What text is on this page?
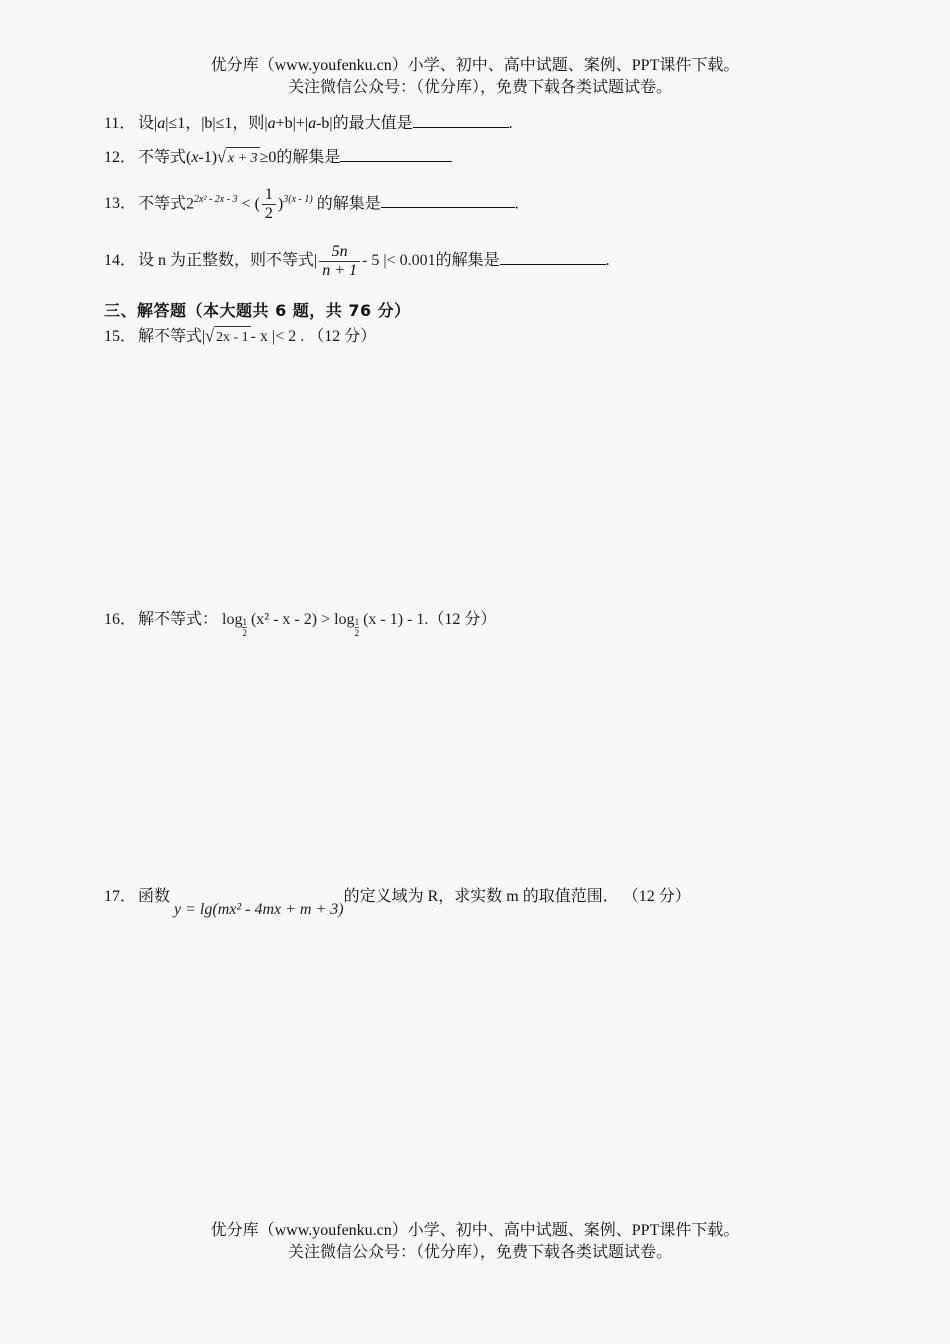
优分库（www.youfenku.cn）小学、初中、高中试题、案例、PPT课件下载。
关注微信公众号：（优分库），免费下载各类试题试卷。
11． 设|a|≤1，|b|≤1，则|a+b|+|a-b|的最大值是	.
12． 不等式(x-1)√ x + 3 ≥0的解集是
13． 不等式$2^{2x^2 - 2x - 3}$ < ( $\frac{1}{2} )^{3(x - 1)}$ 的解集是	.
14． 设 n 为正整数，则不等式| $\frac{5n}{n + 1} - 5$ |< 0.001的解集是	.
三、解答题（本大题共 6 题，共 76 分）
15． 解不等式|√ 2x - 1 - x |< 2 . （12 分）
16． 解不等式： $\log \frac{1}{2} (x^2 - x - 2) > \log \frac{1}{2} (x - 1) - 1.(12$ 分）
17． 函数 y = lg(mx² - 4mx + m + 3)的定义域为 R，求实数 m 的取值范围． （12 分）
优分库（www.youfenku.cn）小学、初中、高中试题、案例、PPT课件下载。
关注微信公众号：（优分库），免费下载各类试题试卷。
